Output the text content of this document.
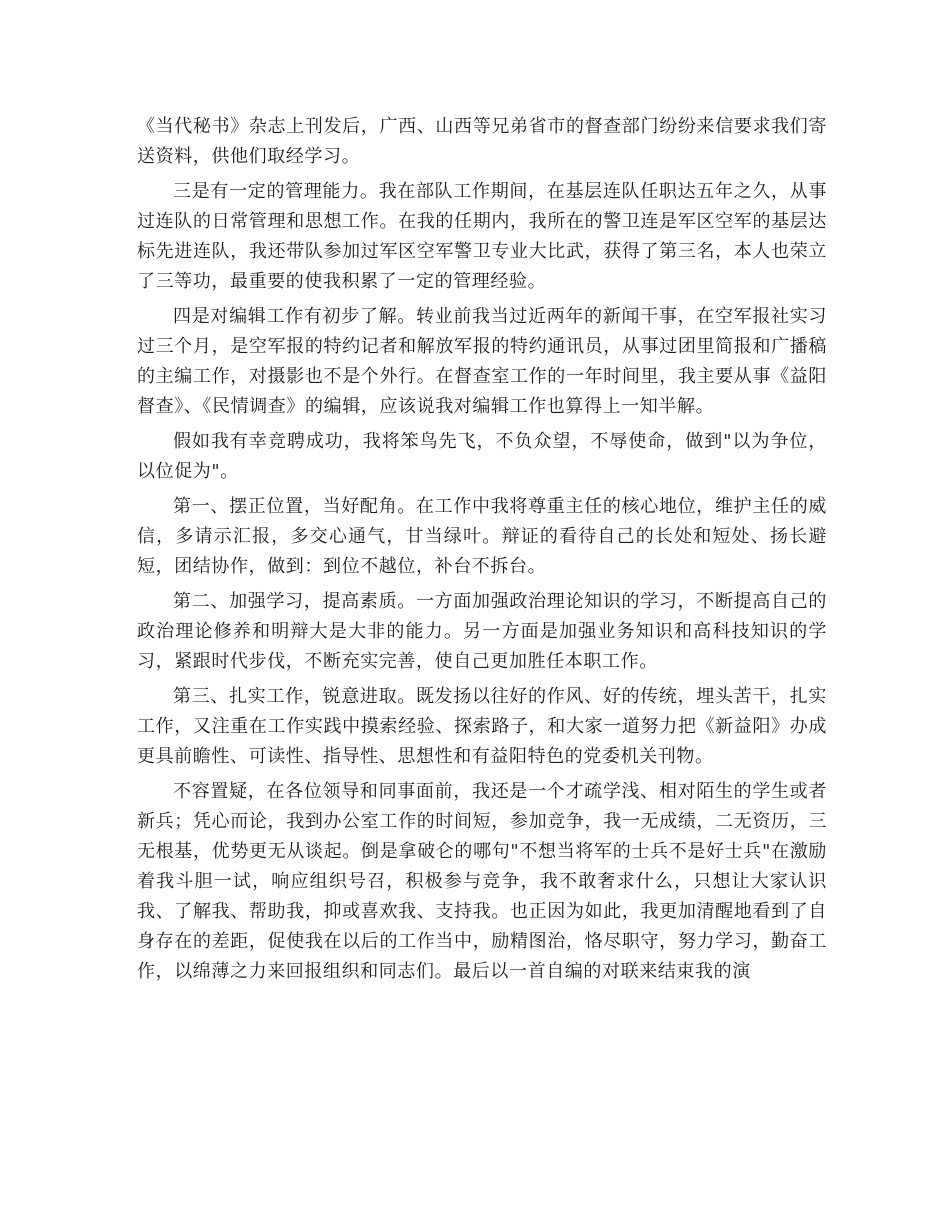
《当代秘书》杂志上刊发后，广西、山西等兄弟省市的督查部门纷纷来信要求我们寄送资料，供他们取经学习。

三是有一定的管理能力。我在部队工作期间，在基层连队任职达五年之久，从事过连队的日常管理和思想工作。在我的任期内，我所在的警卫连是军区空军的基层达标先进连队，我还带队参加过军区空军警卫专业大比武，获得了第三名，本人也荣立了三等功，最重要的使我积累了一定的管理经验。

四是对编辑工作有初步了解。转业前我当过近两年的新闻干事，在空军报社实习过三个月，是空军报的特约记者和解放军报的特约通讯员，从事过团里简报和广播稿的主编工作，对摄影也不是个外行。在督查室工作的一年时间里，我主要从事《益阳督查》、《民情调查》的编辑，应该说我对编辑工作也算得上一知半解。

假如我有幸竞聘成功，我将笨鸟先飞，不负众望，不辱使命，做到"以为争位，以位促为"。

第一、摆正位置，当好配角。在工作中我将尊重主任的核心地位，维护主任的威信，多请示汇报，多交心通气，甘当绿叶。辩证的看待自己的长处和短处、扬长避短，团结协作，做到：到位不越位，补台不拆台。

第二、加强学习，提高素质。一方面加强政治理论知识的学习，不断提高自己的政治理论修养和明辩大是大非的能力。另一方面是加强业务知识和高科技知识的学习，紧跟时代步伐，不断充实完善，使自己更加胜任本职工作。

第三、扎实工作，锐意进取。既发扬以往好的作风、好的传统，埋头苦干，扎实工作，又注重在工作实践中摸索经验、探索路子，和大家一道努力把《新益阳》办成更具前瞻性、可读性、指导性、思想性和有益阳特色的党委机关刊物。

不容置疑，在各位领导和同事面前，我还是一个才疏学浅、相对陌生的学生或者新兵；凭心而论，我到办公室工作的时间短，参加竞争，我一无成绩，二无资历，三无根基，优势更无从谈起。倒是拿破仑的哪句"不想当将军的士兵不是好士兵"在激励着我斗胆一试，响应组织号召，积极参与竞争，我不敢奢求什么，只想让大家认识我、了解我、帮助我，抑或喜欢我、支持我。也正因为如此，我更加清醒地看到了自身存在的差距，促使我在以后的工作当中，励精图治，恪尽职守，努力学习，勤奋工作，以绵薄之力来回报组织和同志们。最后以一首自编的对联来结束我的演
